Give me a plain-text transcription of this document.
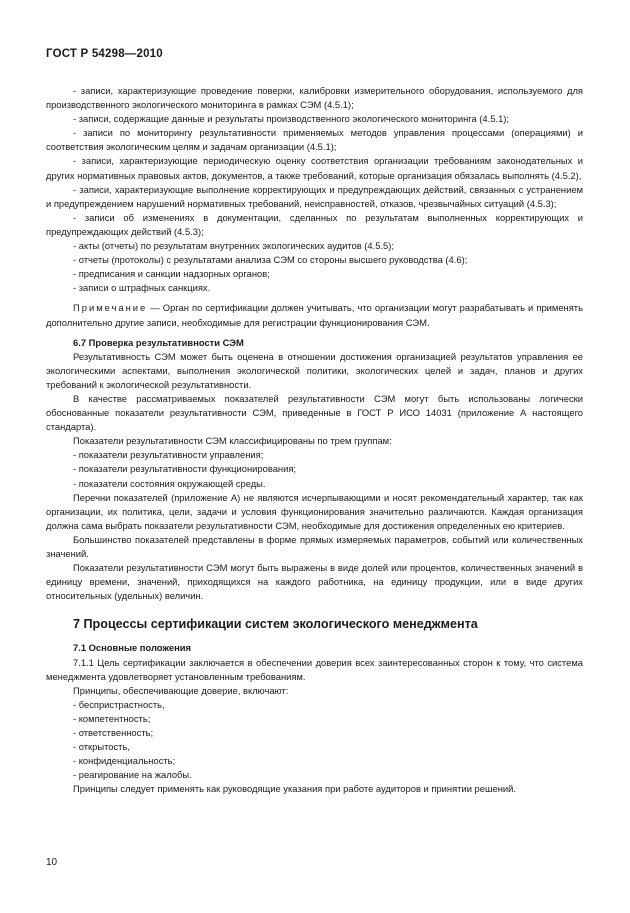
ГОСТ Р 54298—2010

- записи, характеризующие проведение поверки, калибровки измерительного оборудования, используемого для производственного экологического мониторинга в рамках СЭМ (4.5.1);

- записи, содержащие данные и результаты производственного экологического мониторинга (4.5.1);

- записи по мониторингу результативности применяемых методов управления процессами (операциями) и соответствия экологическим целям и задачам организации (4.5.1);

- записи, характеризующие периодическую оценку соответствия организации требованиям законодательных и других нормативных правовых актов, документов, а также требований, которые организация обязалась выполнять (4.5.2),

- записи, характеризующие выполнение корректирующих и предупреждающих действий, связанных с устранением и предупреждением нарушений нормативных требований, неисправностей, отказов, чрезвычайных ситуаций (4.5.3);

- записи об изменениях в документации, сделанных по результатам выполненных корректирующих и предупреждающих действий (4.5.3);

- акты (отчеты) по результатам внутренних экологических аудитов (4.5.5);

- отчеты (протоколы) с результатами анализа СЭМ со стороны высшего руководства (4.6);

- предписания и санкции надзорных органов;

- записи о штрафных санкциях.

Примечание — Орган по сертификации должен учитывать, что организации могут разрабатывать и применять дополнительно другие записи, необходимые для регистрации функционирования СЭМ.

6.7 Проверка результативности СЭМ

Результативность СЭМ может быть оценена в отношении достижения организацией результатов управления ее экологическими аспектами, выполнения экологической политики, экологических целей и задач, планов и других требований к экологической результативности.

В качестве рассматриваемых показателей результативности СЭМ могут быть использованы логически обоснованные показатели результативности СЭМ, приведенные в ГОСТ Р ИСО 14031 (приложение А настоящего стандарта).

Показатели результативности СЭМ классифицированы по трем группам:

- показатели результативности управления;

- показатели результативности функционирования;

- показатели состояния окружающей среды.

Перечни показателей (приложение А) не являются исчерпывающими и носят рекомендательный характер, так как организации, их политика, цели, задачи и условия функционирования значительно различаются. Каждая организация должна сама выбрать показатели результативности СЭМ, необходимые для достижения определенных ею критериев.

Большинство показателей представлены в форме прямых измеряемых параметров, событий или количественных значений.

Показатели результативности СЭМ могут быть выражены в виде долей или процентов, количественных значений в единицу времени, значений, приходящихся на каждого работника, на единицу продукции, или в виде других относительных (удельных) величин.

7 Процессы сертификации систем экологического менеджмента

7.1 Основные положения

7.1.1 Цель сертификации заключается в обеспечении доверия всех заинтересованных сторон к тому, что система менеджмента удовлетворяет установленным требованиям.

Принципы, обеспечивающие доверие, включают:

- беспристрастность,

- компетентность;

- ответственность;

- открытость,

- конфиденциальность;

- реагирование на жалобы.

Принципы следует применять как руководящие указания при работе аудиторов и принятии решений.

10
